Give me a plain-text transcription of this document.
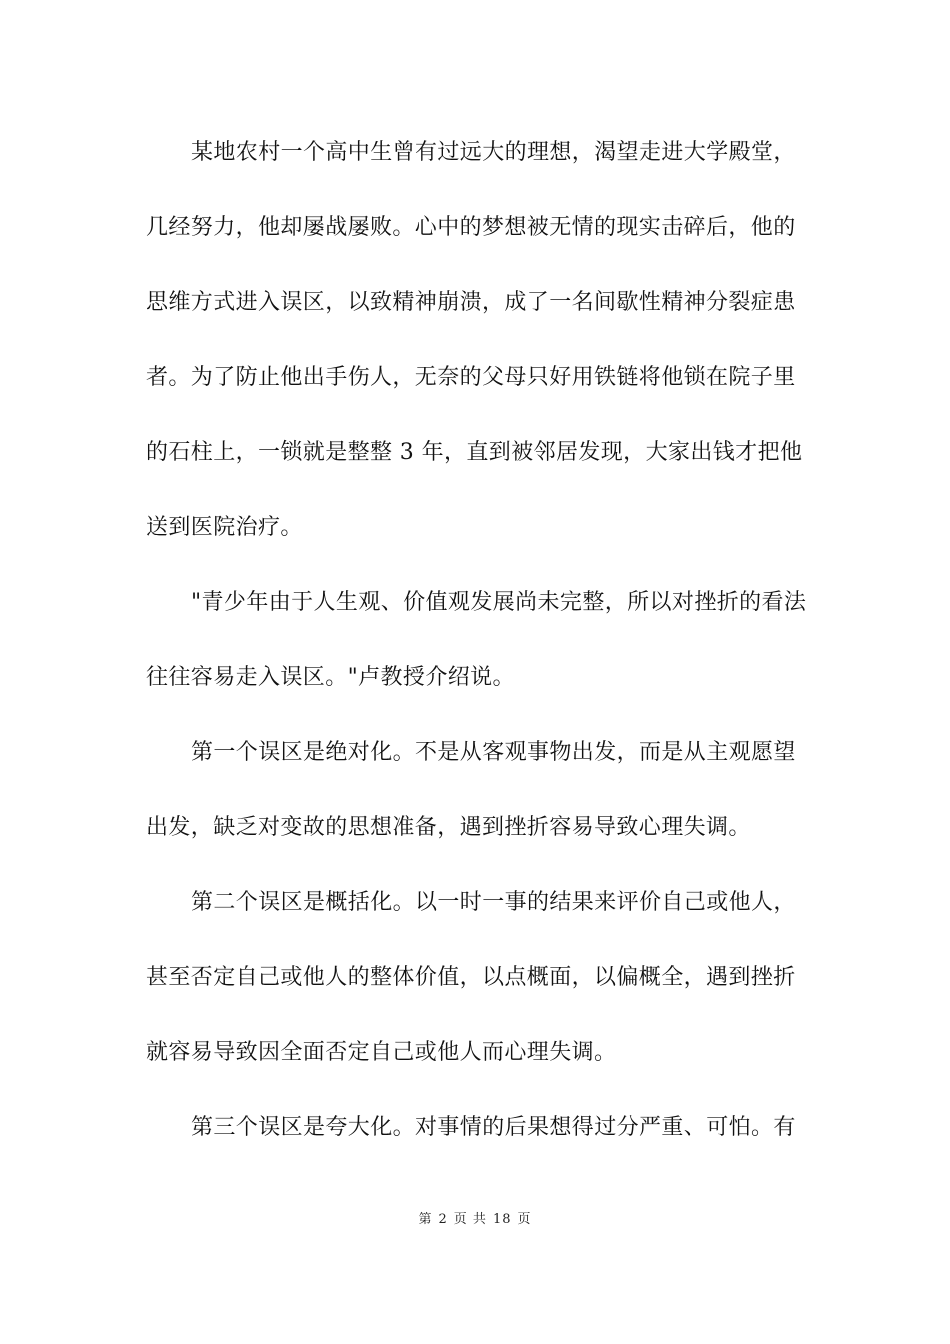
某地农村一个高中生曾有过远大的理想，渴望走进大学殿堂，
几经努力，他却屡战屡败。心中的梦想被无情的现实击碎后，他的
思维方式进入误区，以致精神崩溃，成了一名间歇性精神分裂症患
者。为了防止他出手伤人，无奈的父母只好用铁链将他锁在院子里
的石柱上，一锁就是整整 3 年，直到被邻居发现，大家出钱才把他
送到医院治疗。
"青少年由于人生观、价值观发展尚未完整，所以对挫折的看法
往往容易走入误区。"卢教授介绍说。
第一个误区是绝对化。不是从客观事物出发，而是从主观愿望
出发，缺乏对变故的思想准备，遇到挫折容易导致心理失调。
第二个误区是概括化。以一时一事的结果来评价自己或他人，
甚至否定自己或他人的整体价值，以点概面，以偏概全，遇到挫折
就容易导致因全面否定自己或他人而心理失调。
第三个误区是夸大化。对事情的后果想得过分严重、可怕。有
第 2 页 共 18 页
